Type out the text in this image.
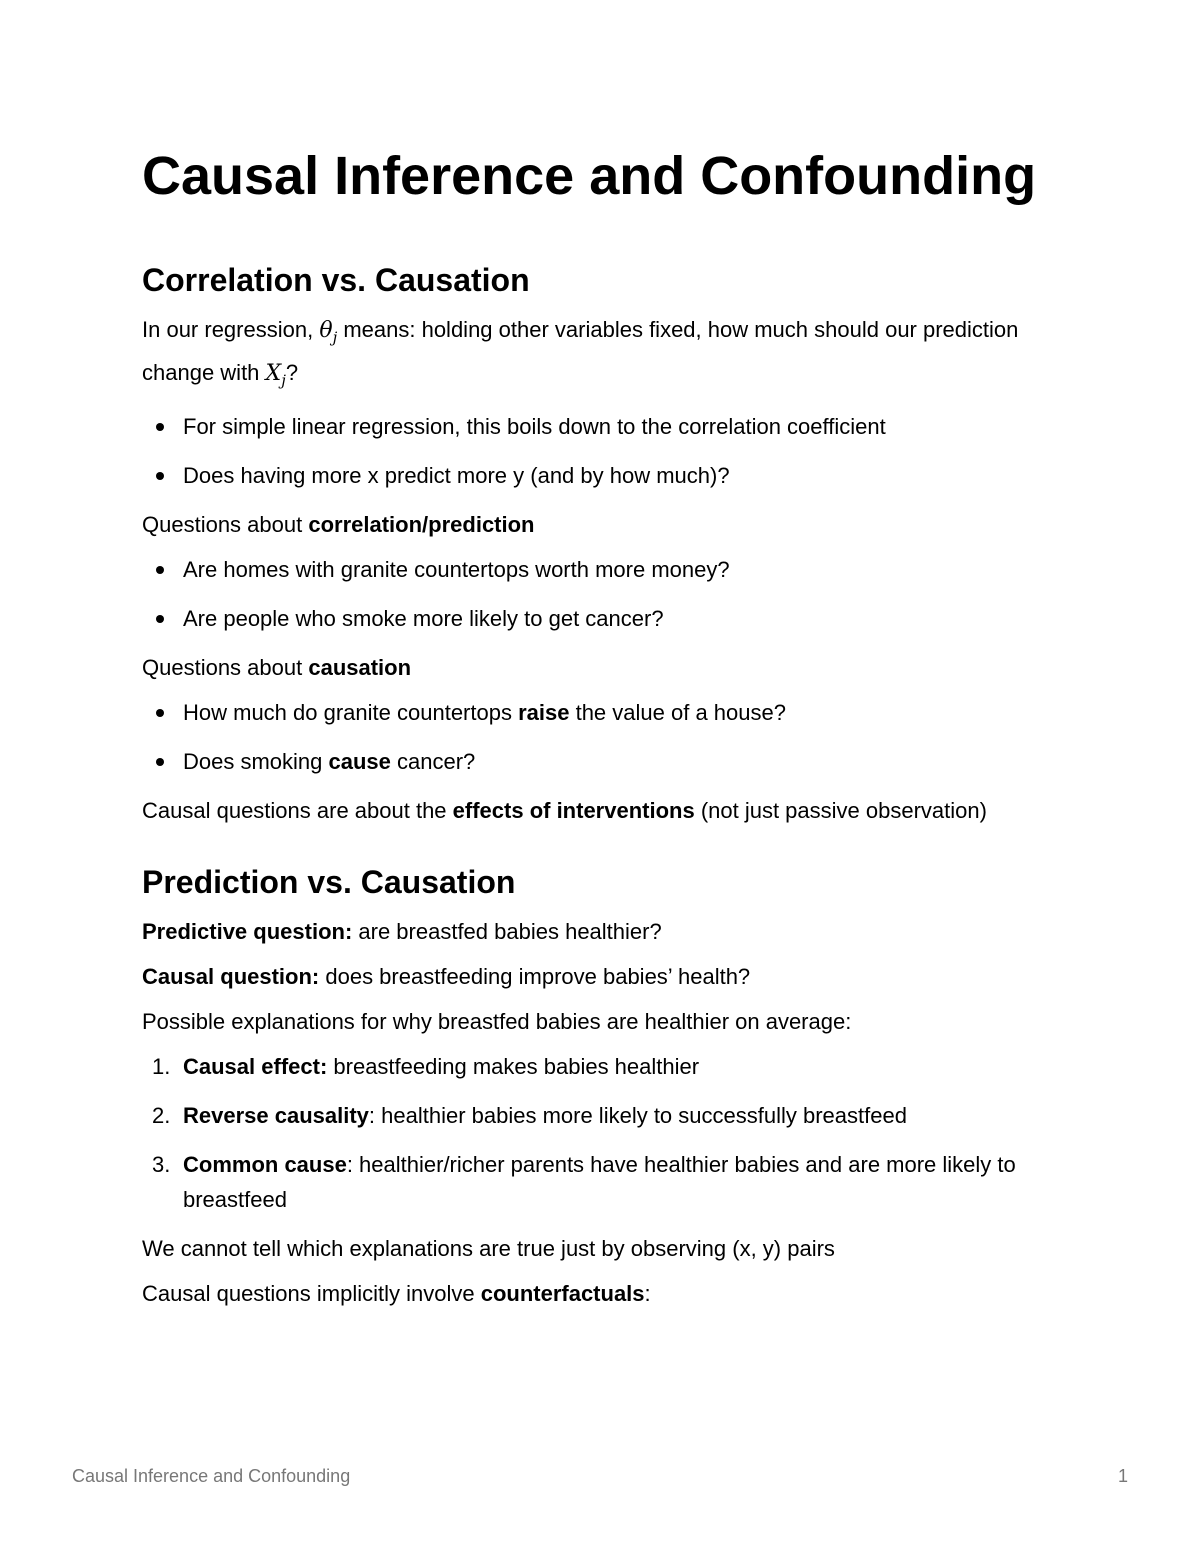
Causal Inference and Confounding
Correlation vs. Causation
In our regression, $\theta_j$ means: holding other variables fixed, how much should our prediction change with $X_j$?
For simple linear regression, this boils down to the correlation coefficient
Does having more x predict more y (and by how much)?
Questions about correlation/prediction
Are homes with granite countertops worth more money?
Are people who smoke more likely to get cancer?
Questions about causation
How much do granite countertops raise the value of a house?
Does smoking cause cancer?
Causal questions are about the effects of interventions (not just passive observation)
Prediction vs. Causation
Predictive question: are breastfed babies healthier?
Causal question: does breastfeeding improve babies’ health?
Possible explanations for why breastfed babies are healthier on average:
1. Causal effect: breastfeeding makes babies healthier
2. Reverse causality: healthier babies more likely to successfully breastfeed
3. Common cause: healthier/richer parents have healthier babies and are more likely to breastfeed
We cannot tell which explanations are true just by observing (x, y) pairs
Causal questions implicitly involve counterfactuals:
Causal Inference and Confounding	1
